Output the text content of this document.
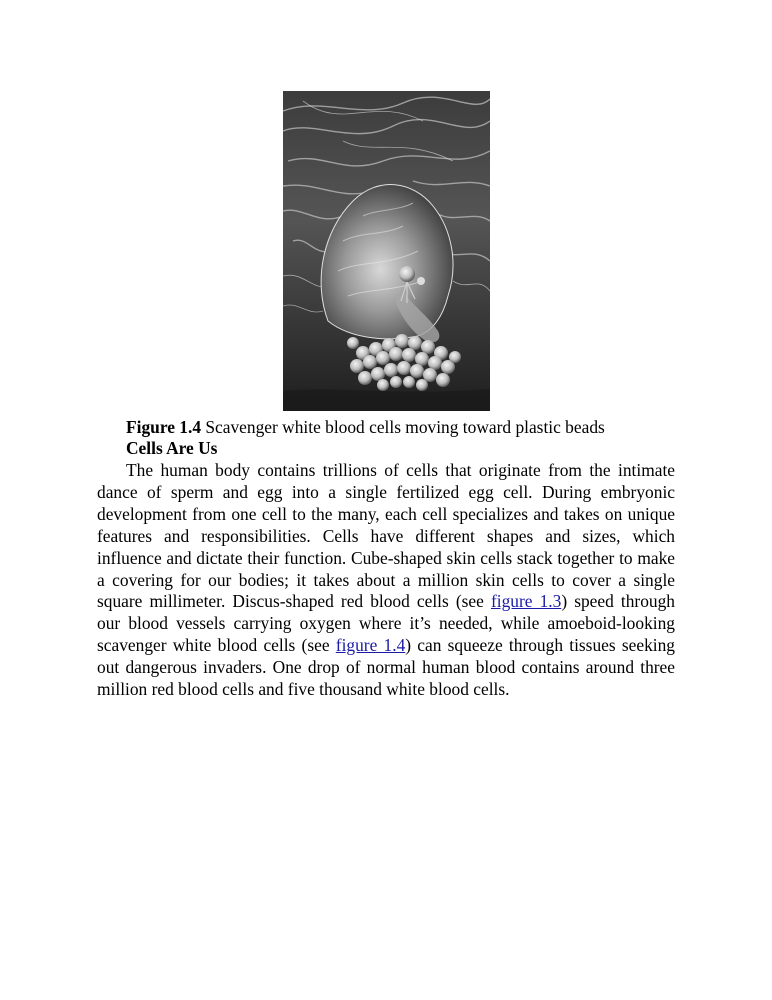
Figure 1.4 Scavenger white blood cells moving toward plastic beads
Cells Are Us

The human body contains trillions of cells that originate from the intimate dance of sperm and egg into a single fertilized egg cell. During embryonic development from one cell to the many, each cell specializes and takes on unique features and responsibilities. Cells have different shapes and sizes, which influence and dictate their function. Cube-shaped skin cells stack together to make a covering for our bodies; it takes about a million skin cells to cover a single square millimeter. Discus-shaped red blood cells (see figure 1.3) speed through our blood vessels carrying oxygen where it’s needed, while amoeboid-looking scavenger white blood cells (see figure 1.4) can squeeze through tissues seeking out dangerous invaders. One drop of normal human blood contains around three million red blood cells and five thousand white blood cells.
